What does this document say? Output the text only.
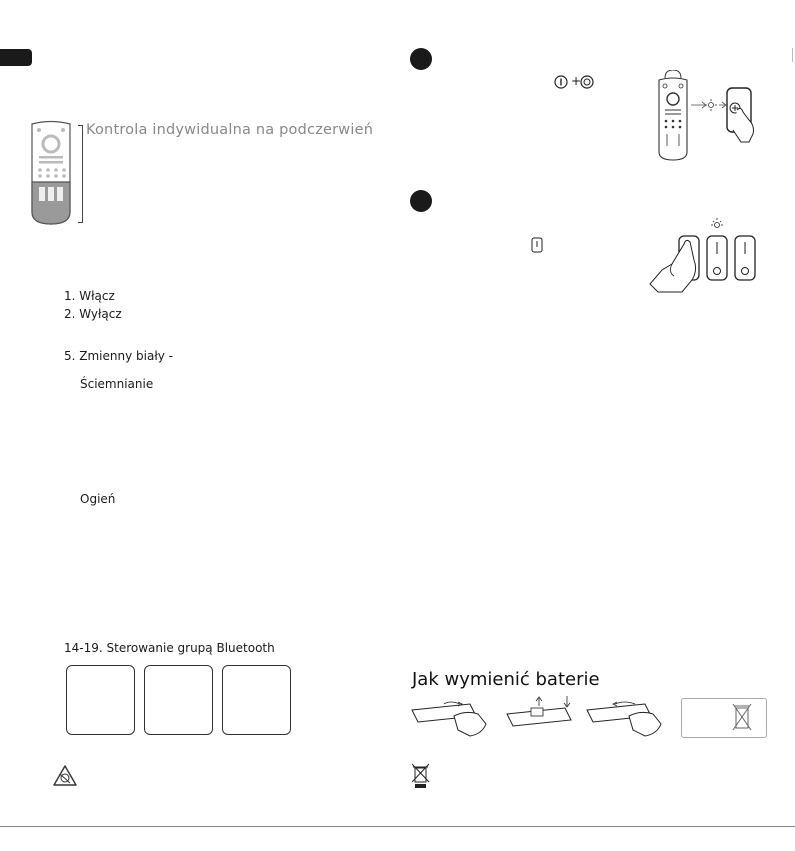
Kontrola indywidualna na podczerwień
1. Włącz
2. Wyłącz
5. Zmienny biały -
Ściemnianie
Ogień
14-19. Sterowanie grupą Bluetooth
+
Jak wymienić baterie
